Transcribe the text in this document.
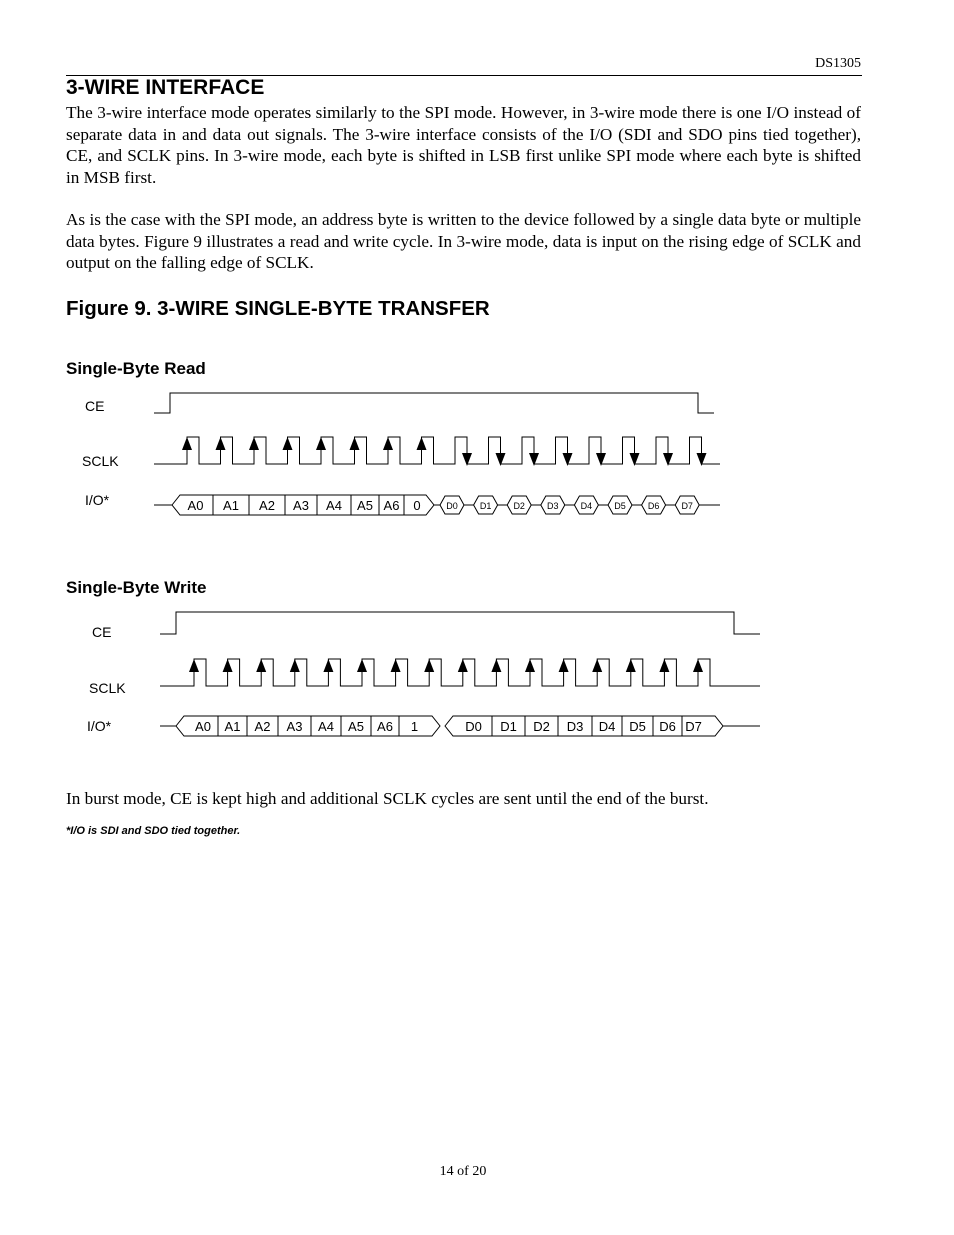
DS1305
3-WIRE INTERFACE

The 3-wire interface mode operates similarly to the SPI mode. However, in 3-wire mode there is one I/O instead of separate data in and data out signals. The 3-wire interface consists of the I/O (SDI and SDO pins tied together), CE, and SCLK pins. In 3-wire mode, each byte is shifted in LSB first unlike SPI mode where each byte is shifted in MSB first.

As is the case with the SPI mode, an address byte is written to the device followed by a single data byte or multiple data bytes. Figure 9 illustrates a read and write cycle. In 3-wire mode, data is input on the rising edge of SCLK and output on the falling edge of SCLK.

Figure 9. 3-WIRE SINGLE-BYTE TRANSFER
Single-Byte Read
CE
SCLK
I/O*	A0 A1 A2 A3 A4 A5 A6 0	D0 D1 D2 D3 D4 D5 D6 D7
Single-Byte Write
CE
SCLK
I/O*	A0 A1 A2 A3 A4 A5 A6 1	D0 D1 D2 D3 D4 D5 D6 D7

In burst mode, CE is kept high and additional SCLK cycles are sent until the end of the burst.

*I/O is SDI and SDO tied together.

14 of 20
